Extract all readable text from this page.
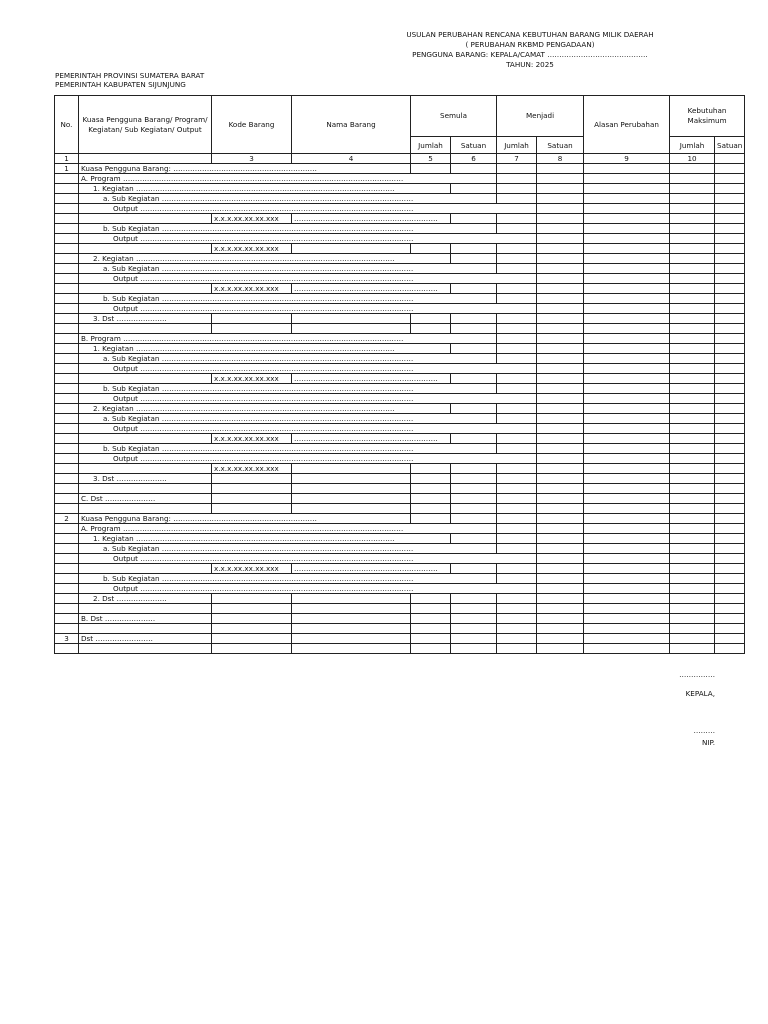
USULAN PERUBAHAN RENCANA KEBUTUHAN BARANG MILIK DAERAH
( PERUBAHAN RKBMD PENGADAAN)
PENGGUNA BARANG: KEPALA/CAMAT ……………………………………
TAHUN: 2025
PEMERINTAH PROVINSI SUMATERA BARAT
PEMERINTAH KABUPATEN SIJUNJUNG
No.	Kuasa Pengguna Barang/ Program/ Kegiatan/ Sub Kegiatan/ Output	Kode Barang	Nama Barang	Semula		Menjadi		Alasan Perubahan	Kebutuhan Maksimum	
				Jumlah	Satuan	Jumlah	Satuan		Jumlah	Satuan
1		3	4	5	6	7	8	9	10	
1	Kuasa Pengguna Barang: ……………………………………………………									
	A. Program ………………………………………………………………………………………………………									
	1. Kegiatan ………………………………………………………………………………………………									
	a. Sub Kegiatan ……………………………………………………………………………………………									
	Output ……………………………………………………………………………………………………									
		x.x.x.xx.xx.xx.xxx	……………………………………………………							
	b. Sub Kegiatan ……………………………………………………………………………………………									
	Output ……………………………………………………………………………………………………									
		x.x.x.xx.xx.xx.xxx								
	2. Kegiatan ………………………………………………………………………………………………									
	a. Sub Kegiatan ……………………………………………………………………………………………									
	Output ……………………………………………………………………………………………………									
		x.x.x.xx.xx.xx.xxx	……………………………………………………							
	b. Sub Kegiatan ……………………………………………………………………………………………									
	Output ……………………………………………………………………………………………………									
	3. Dst …………………									

	B. Program ………………………………………………………………………………………………………									
	1. Kegiatan ………………………………………………………………………………………………									
	a. Sub Kegiatan ……………………………………………………………………………………………									
	Output ……………………………………………………………………………………………………									
		x.x.x.xx.xx.xx.xxx	……………………………………………………							
	b. Sub Kegiatan ……………………………………………………………………………………………									
	Output ……………………………………………………………………………………………………									
	2. Kegiatan ………………………………………………………………………………………………									
	a. Sub Kegiatan ……………………………………………………………………………………………									
	Output ……………………………………………………………………………………………………									
		x.x.x.xx.xx.xx.xxx	……………………………………………………							
	b. Sub Kegiatan ……………………………………………………………………………………………									
	Output ……………………………………………………………………………………………………									
		x.x.x.xx.xx.xx.xxx								
	3. Dst …………………									

	C. Dst …………………									

2	Kuasa Pengguna Barang: ……………………………………………………									
	A. Program ………………………………………………………………………………………………………									
	1. Kegiatan ………………………………………………………………………………………………									
	a. Sub Kegiatan ……………………………………………………………………………………………									
	Output ……………………………………………………………………………………………………									
		x.x.x.xx.xx.xx.xxx	……………………………………………………							
	b. Sub Kegiatan ……………………………………………………………………………………………									
	Output ……………………………………………………………………………………………………									
	2. Dst …………………									

	B. Dst …………………									

3	Dst ……………………									

……………
KEPALA,
………
NIP.
